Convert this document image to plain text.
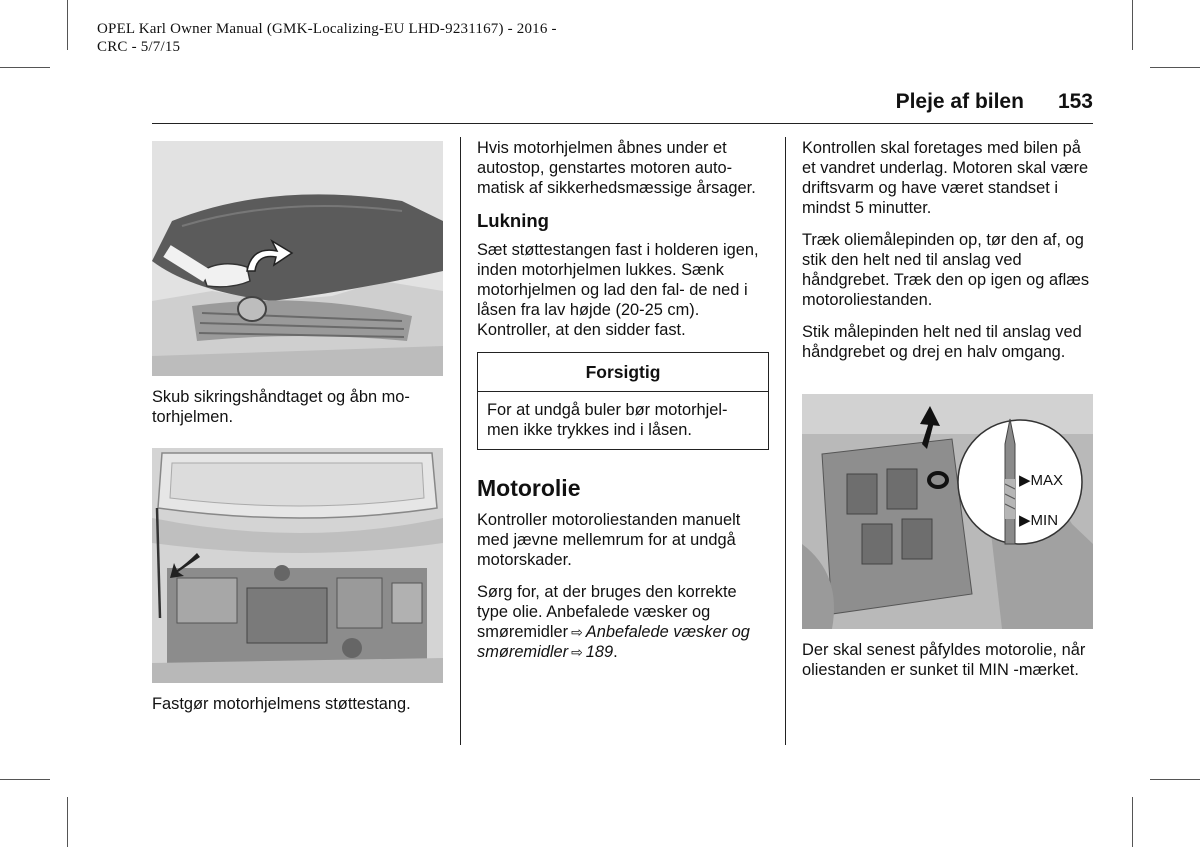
OPEL Karl Owner Manual (GMK-Localizing-EU LHD-9231167) - 2016 -
CRC - 5/7/15
Pleje af bilen 153
Skub sikringshåndtaget og åbn mo- torhjelmen.
Fastgør motorhjelmens støttestang.

Hvis motorhjelmen åbnes under et autostop, genstartes motoren auto- matisk af sikkerhedsmæssige årsager.

Lukning

Sæt støttestangen fast i holderen igen, inden motorhjelmen lukkes. Sænk motorhjelmen og lad den fal- de ned i låsen fra lav højde (20-25 cm). Kontroller, at den sidder fast.

Forsigtig
For at undgå buler bør motorhjel- men ikke trykkes ind i låsen.
Motorolie

Kontroller motoroliestanden manuelt med jævne mellemrum for at undgå motorskader.

Sørg for, at der bruges den korrekte type olie. Anbefalede væsker og smøremidler ⇨ Anbefalede væsker og smøremidler ⇨ 189.

Kontrollen skal foretages med bilen på et vandret underlag. Motoren skal være driftsvarm og have været standset i mindst 5 minutter.

Træk oliemålepinden op, tør den af, og stik den helt ned til anslag ved håndgrebet. Træk den op igen og aflæs motoroliestanden.

Stik målepinden helt ned til anslag ved håndgrebet og drej en halv omgang.

▶MAX
▶MIN
Der skal senest påfyldes motorolie, når oliestanden er sunket til MIN -mærket.
